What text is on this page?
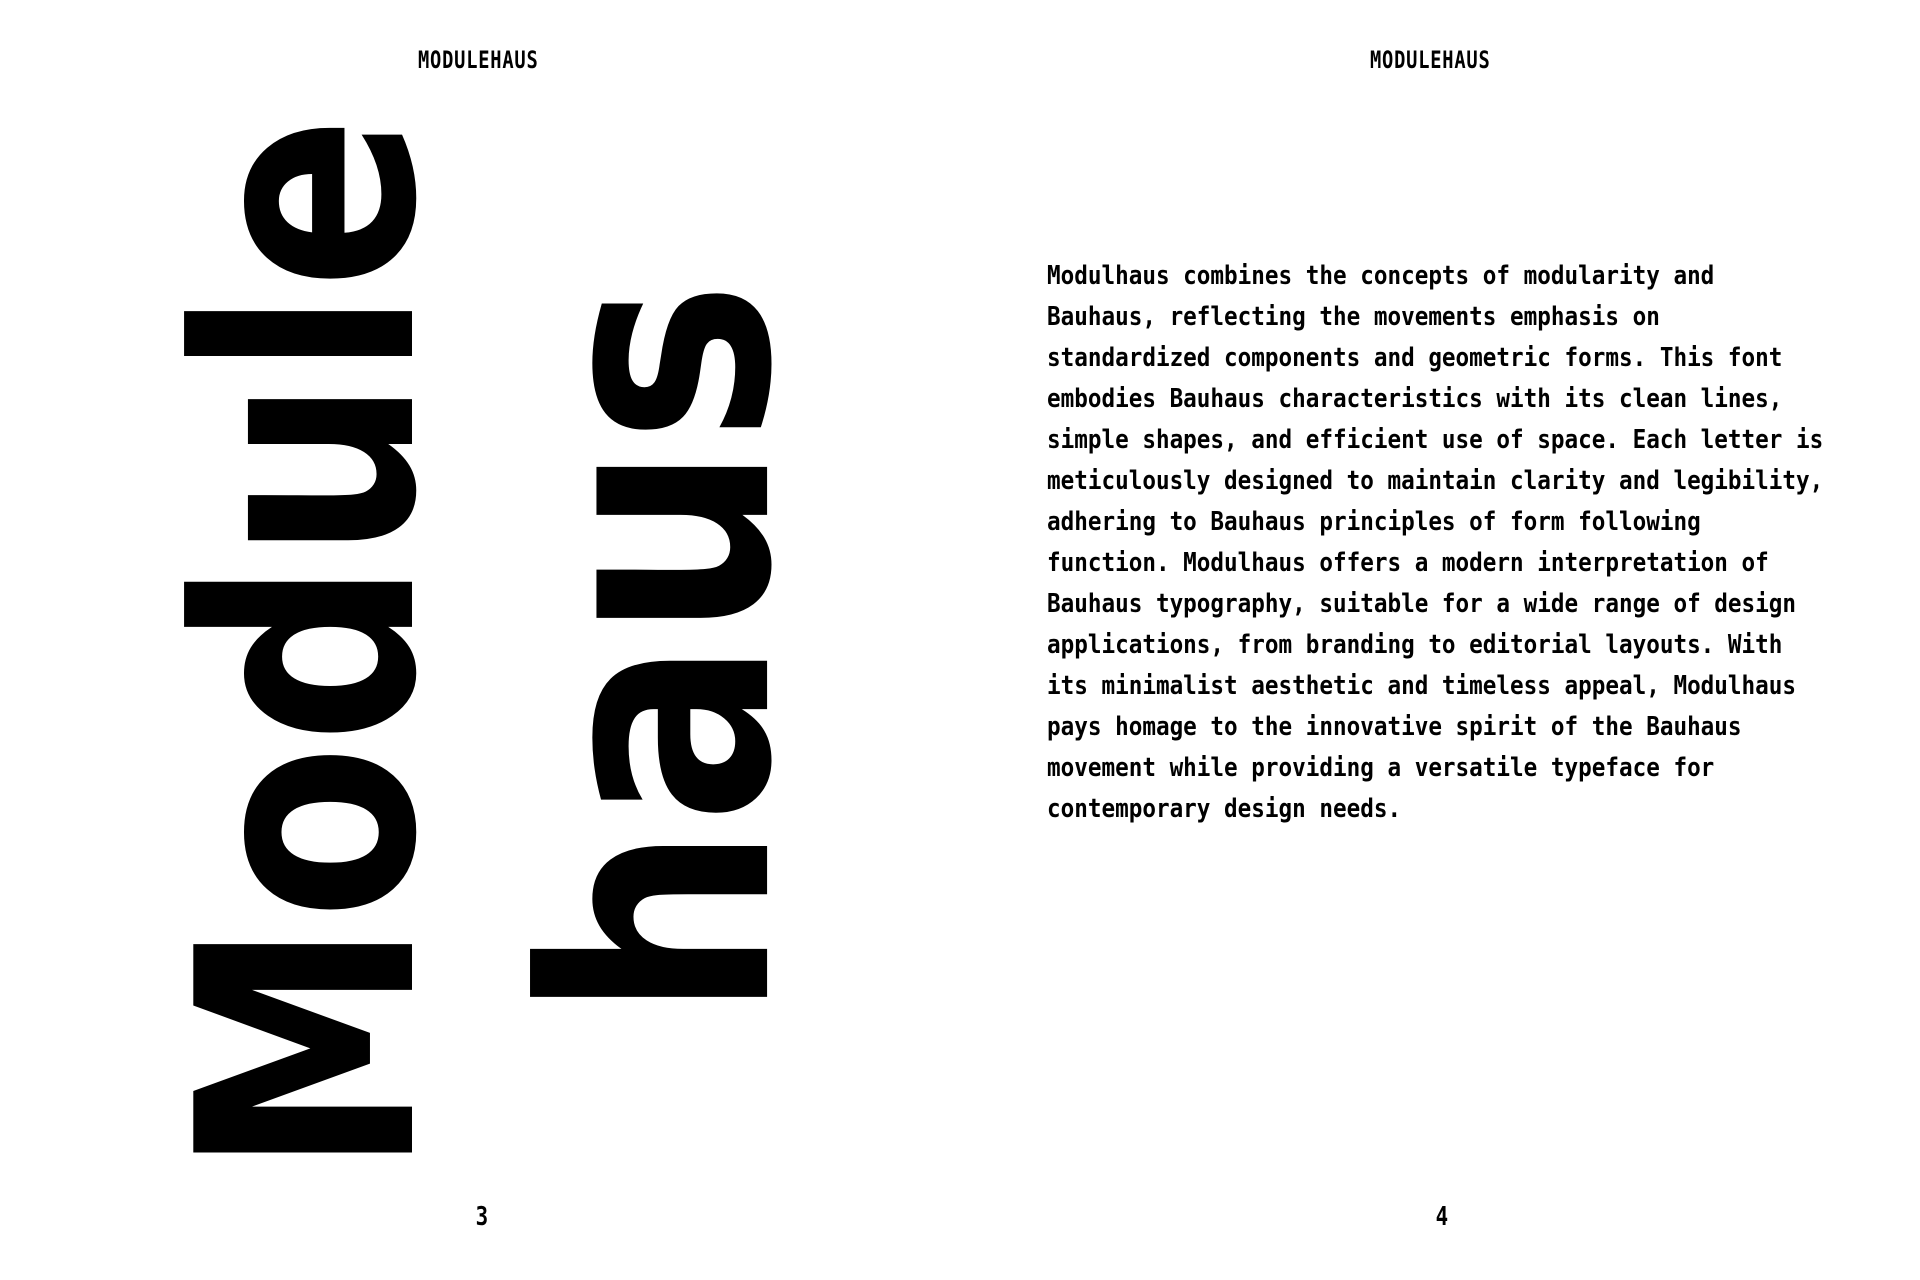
MODULEHAUS
Module
haus
3
MODULEHAUS
Modulhaus combines the concepts of modularity and
Bauhaus, reflecting the movements emphasis on
standardized components and geometric forms. This font
embodies Bauhaus characteristics with its clean lines,
simple shapes, and efficient use of space. Each letter is
meticulously designed to maintain clarity and legibility,
adhering to Bauhaus principles of form following
function. Modulhaus offers a modern interpretation of
Bauhaus typography, suitable for a wide range of design
applications, from branding to editorial layouts. With
its minimalist aesthetic and timeless appeal, Modulhaus
pays homage to the innovative spirit of the Bauhaus
movement while providing a versatile typeface for
contemporary design needs.
4
